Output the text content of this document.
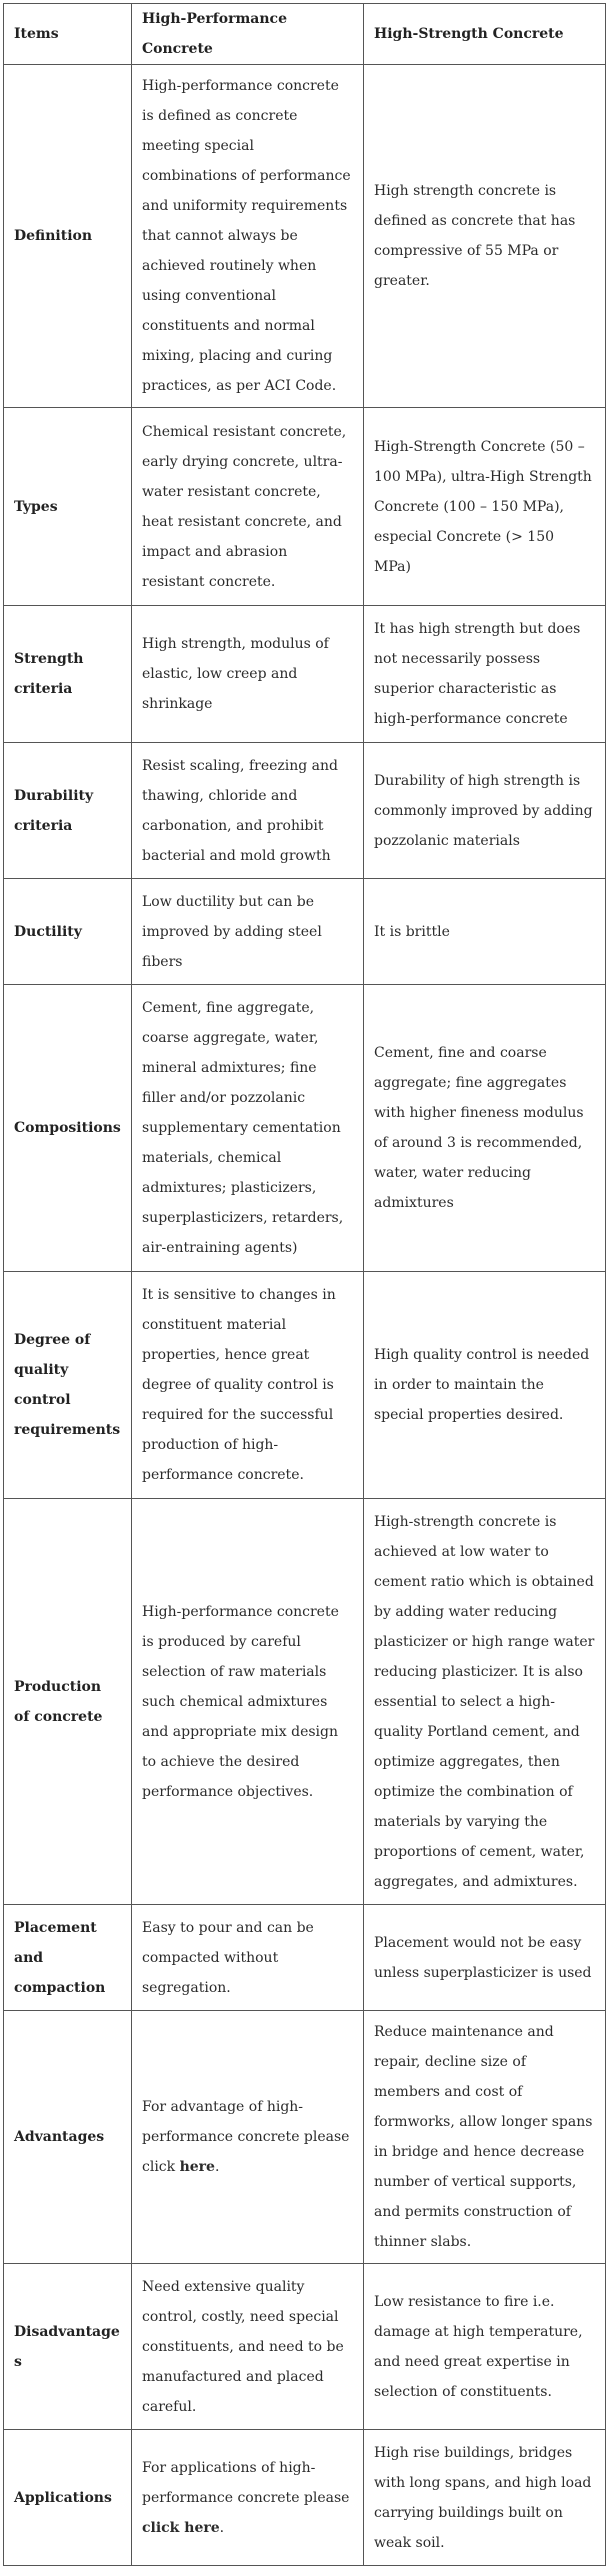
Items	High-Performance Concrete	High-Strength Concrete
Definition	High-performance concrete is defined as concrete meeting special combinations of performance and uniformity requirements that cannot always be achieved routinely when using conventional constituents and normal mixing, placing and curing practices, as per ACI Code.	High strength concrete is defined as concrete that has compressive of 55 MPa or greater.
Types	Chemical resistant concrete, early drying concrete, ultra-water resistant concrete, heat resistant concrete, and impact and abrasion resistant concrete.	High-Strength Concrete (50 – 100 MPa), ultra-High Strength Concrete (100 – 150 MPa), especial Concrete (> 150 MPa)
Strength criteria	High strength, modulus of elastic, low creep and shrinkage	It has high strength but does not necessarily possess superior characteristic as high-performance concrete
Durability criteria	Resist scaling, freezing and thawing, chloride and carbonation, and prohibit bacterial and mold growth	Durability of high strength is commonly improved by adding pozzolanic materials
Ductility	Low ductility but can be improved by adding steel fibers	It is brittle
Compositions	Cement, fine aggregate, coarse aggregate, water, mineral admixtures; fine filler and/or pozzolanic supplementary cementation materials, chemical admixtures; plasticizers, superplasticizers, retarders, air-entraining agents)	Cement, fine and coarse aggregate; fine aggregates with higher fineness modulus of around 3 is recommended, water, water reducing admixtures
Degree of quality control requirements	It is sensitive to changes in constituent material properties, hence great degree of quality control is required for the successful production of high-performance concrete.	High quality control is needed in order to maintain the special properties desired.
Production of concrete	High-performance concrete is produced by careful selection of raw materials such chemical admixtures and appropriate mix design to achieve the desired performance objectives.	High-strength concrete is achieved at low water to cement ratio which is obtained by adding water reducing plasticizer or high range water reducing plasticizer. It is also essential to select a high-quality Portland cement, and optimize aggregates, then optimize the combination of materials by varying the proportions of cement, water, aggregates, and admixtures.
Placement and compaction	Easy to pour and can be compacted without segregation.	Placement would not be easy unless superplasticizer is used
Advantages	For advantage of high-performance concrete please click here.	Reduce maintenance and repair, decline size of members and cost of formworks, allow longer spans in bridge and hence decrease number of vertical supports, and permits construction of thinner slabs.
Disadvantages	Need extensive quality control, costly, need special constituents, and need to be manufactured and placed careful.	Low resistance to fire i.e. damage at high temperature, and need great expertise in selection of constituents.
Applications	For applications of high-performance concrete please click here.	High rise buildings, bridges with long spans, and high load carrying buildings built on weak soil.
